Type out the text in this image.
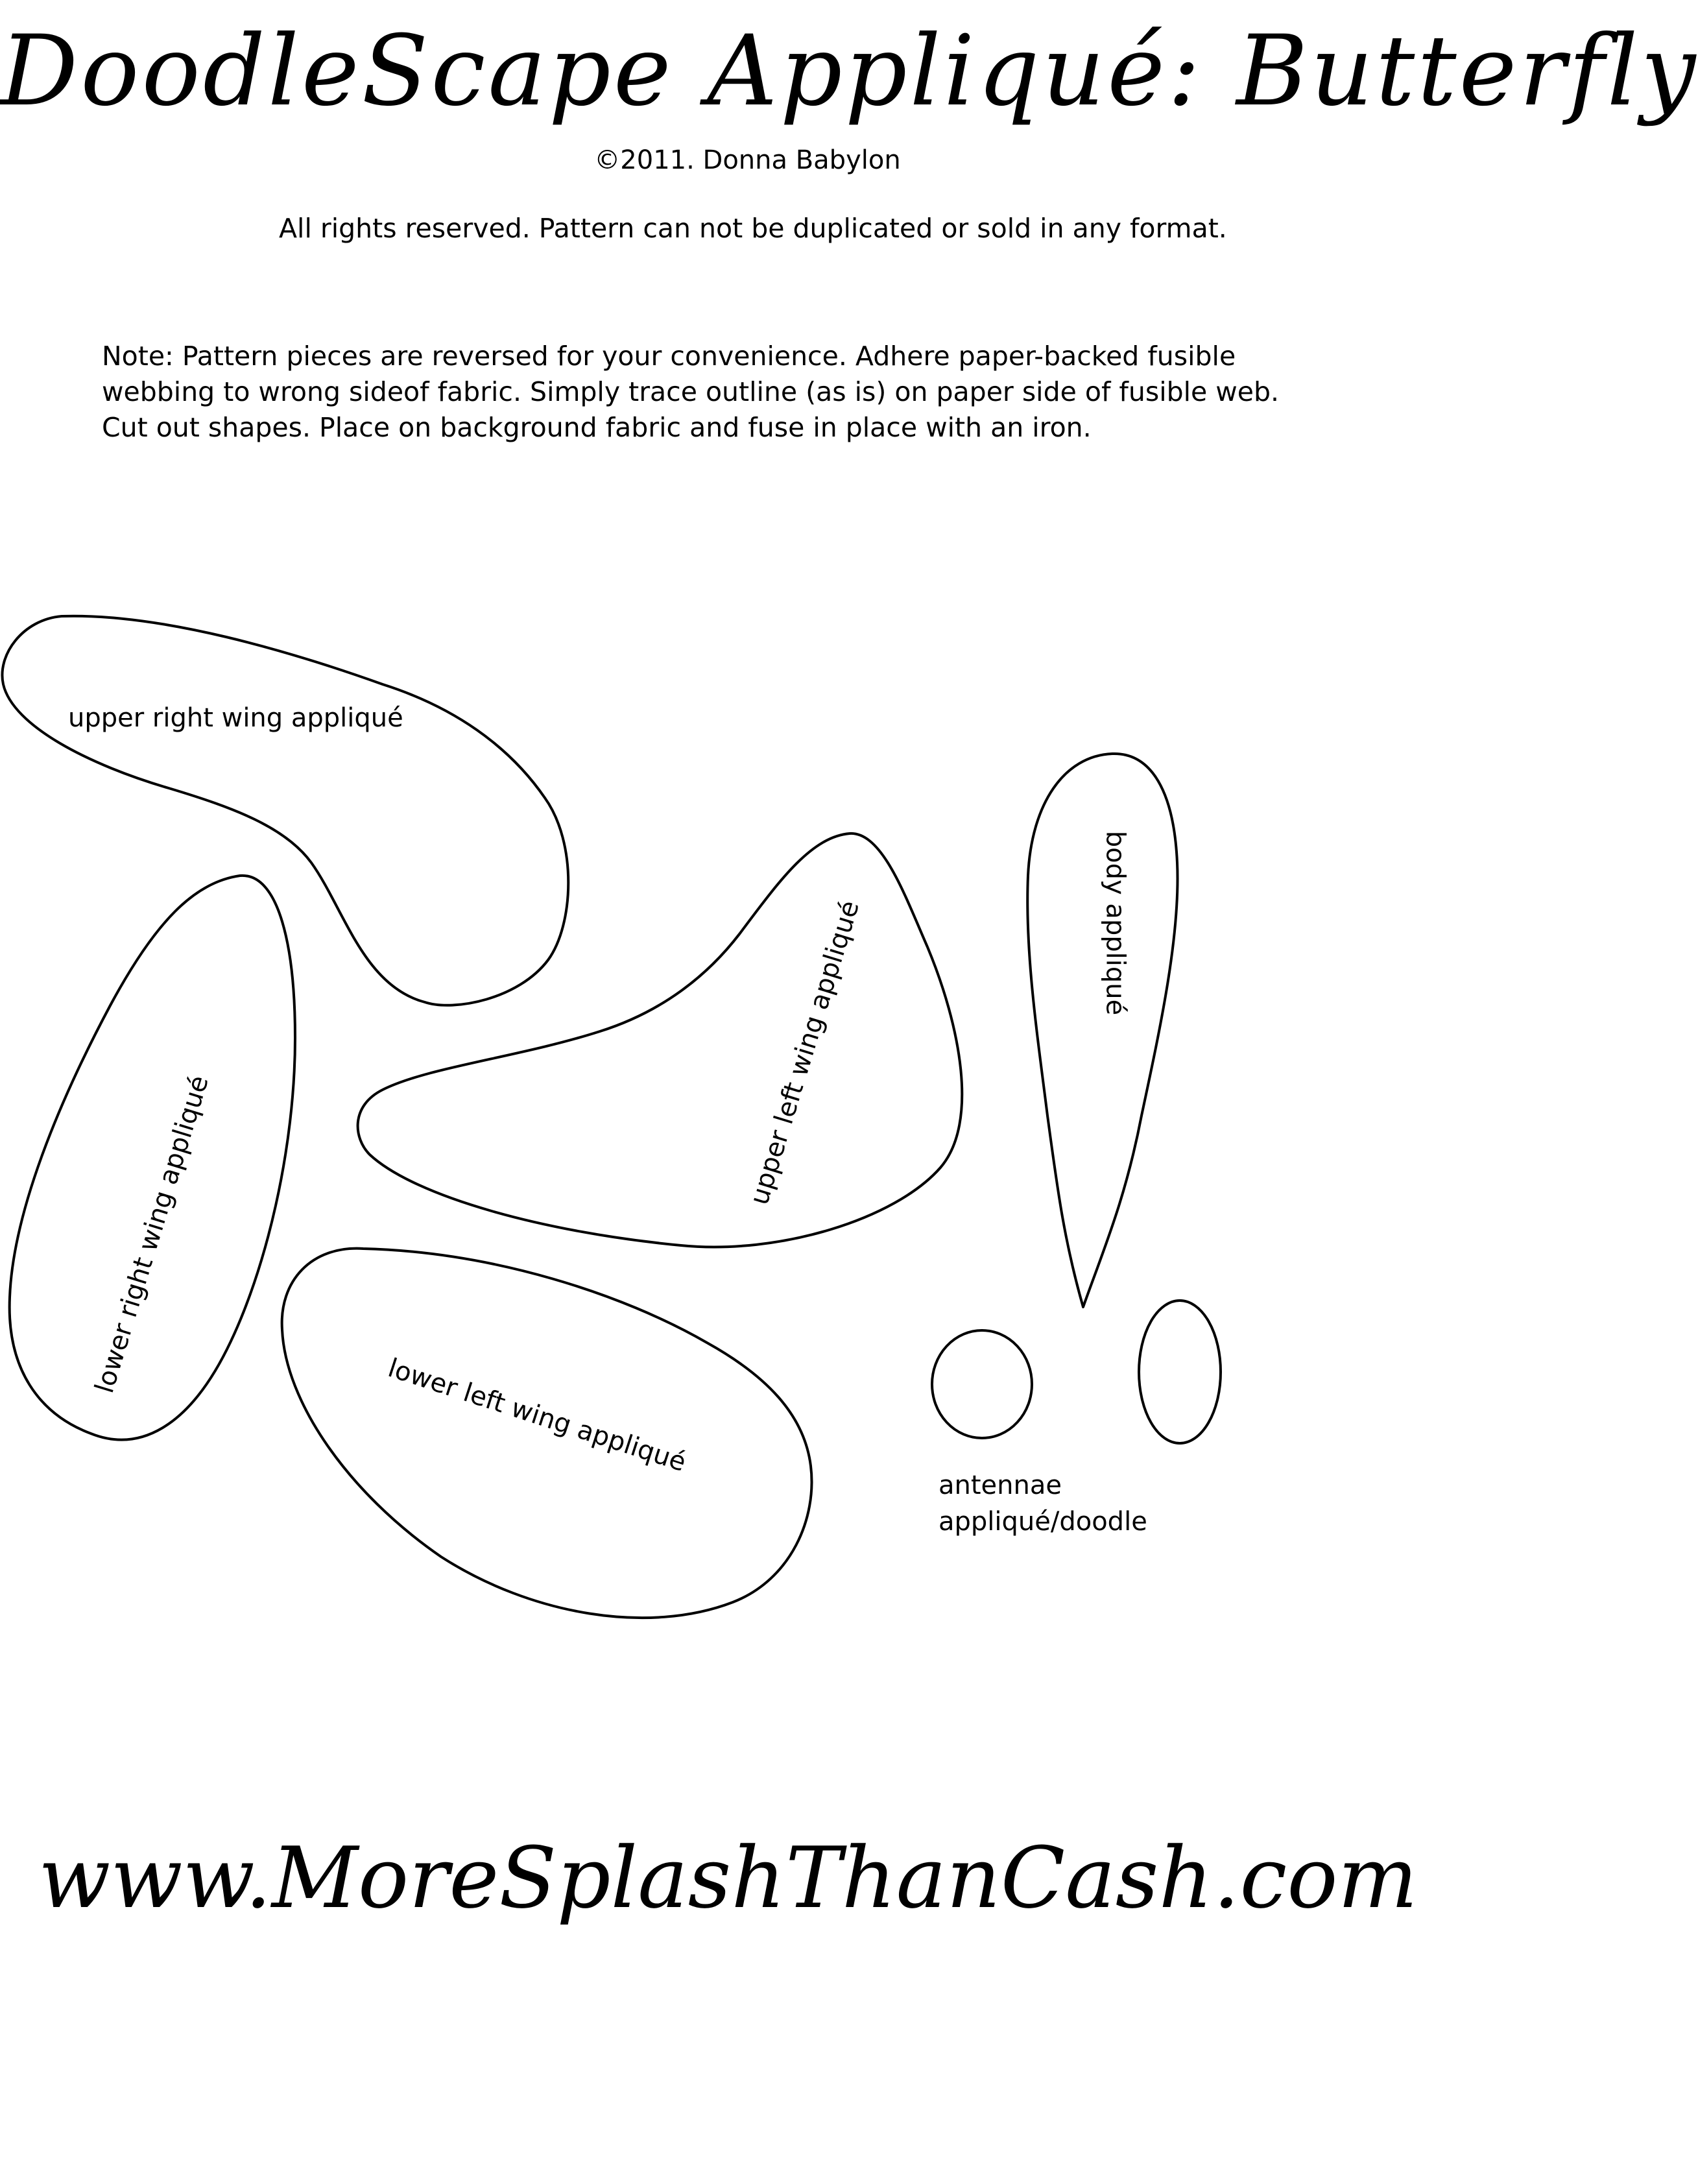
DoodleScape Appliqué: Butterfly
©2011. Donna Babylon
All rights reserved. Pattern can not be duplicated or sold in any format.
Note: Pattern pieces are reversed for your convenience. Adhere paper-backed fusible
webbing to wrong sideof fabric. Simply trace outline (as is) on paper side of fusible web.
Cut out shapes. Place on background fabric and fuse in place with an iron.
upper right wing appliqué
lower right wing appliqué
upper left wing appliqué
lower left wing appliqué
body appliqué
antennae
appliqué/doodle
www.MoreSplashThanCash.com
